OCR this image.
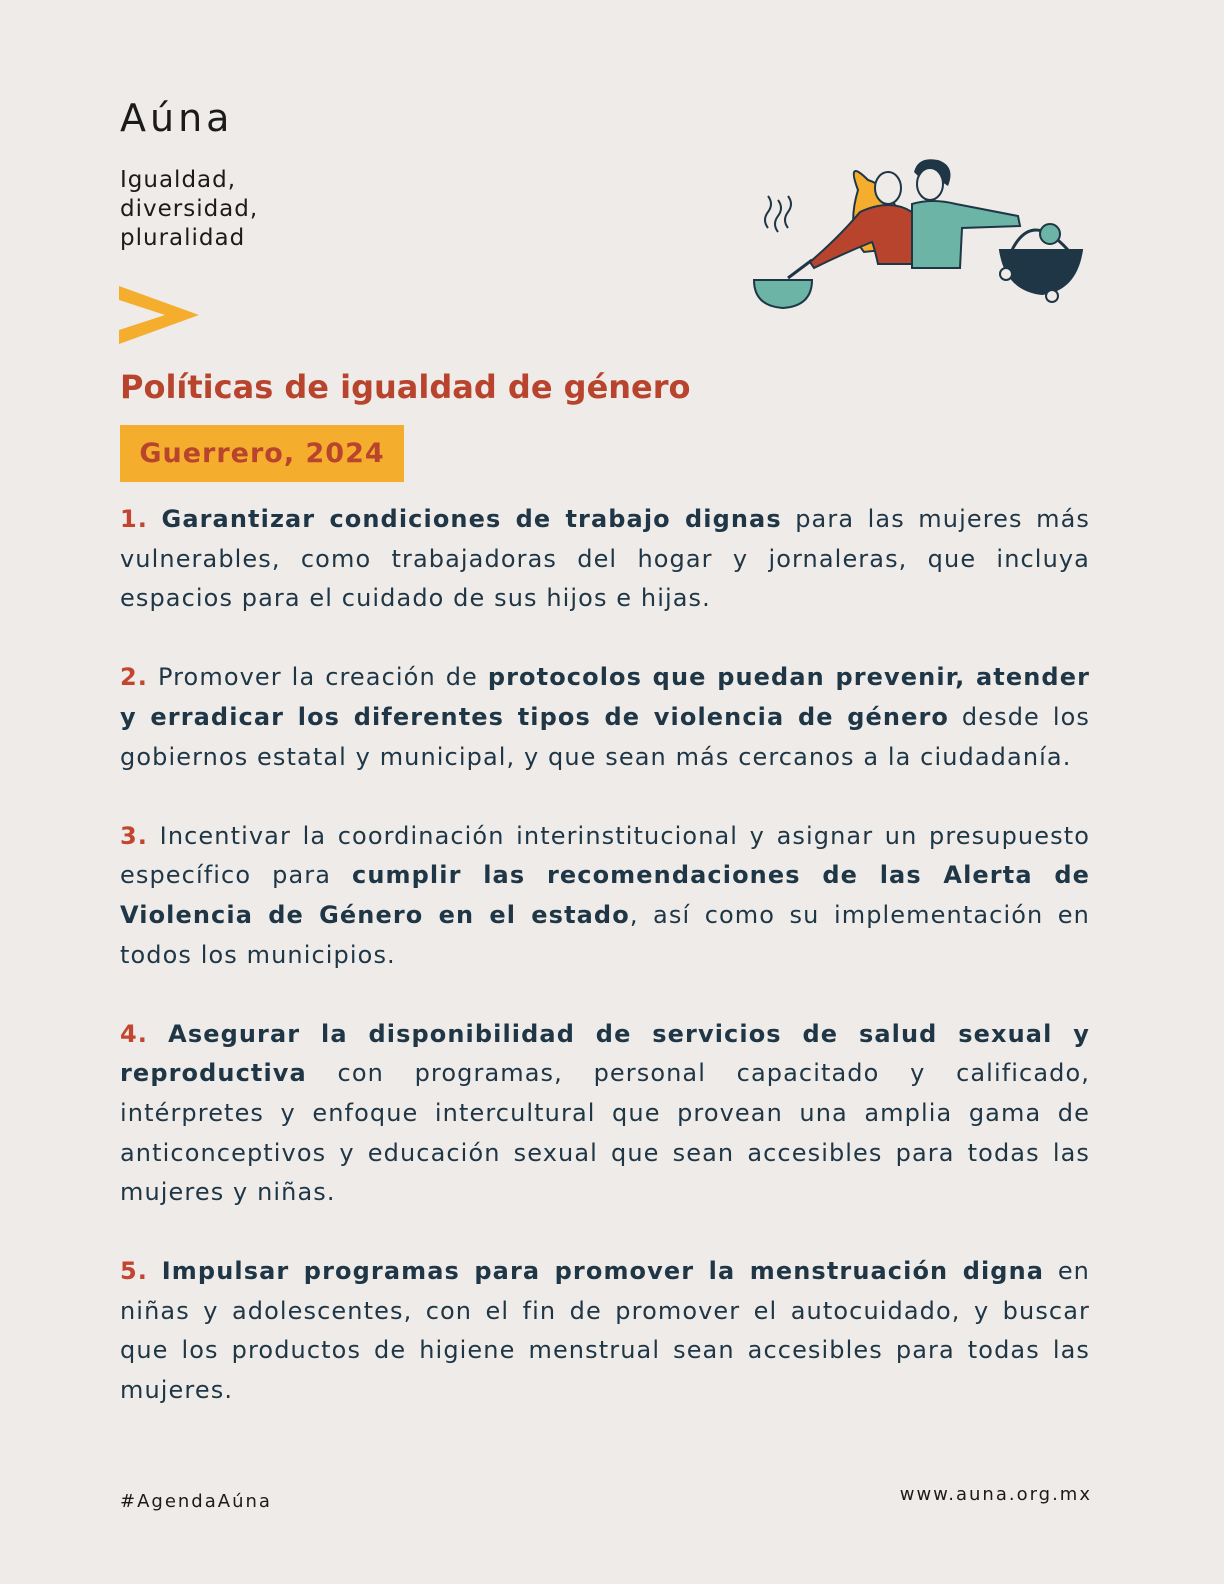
Aúna
Igualdad,
diversidad,
pluralidad
Políticas de igualdad de género
Guerrero, 2024

1. Garantizar condiciones de trabajo dignas para las mujeres más vulnerables, como trabajadoras del hogar y jornaleras, que incluya espacios para el cuidado de sus hijos e hijas.

2. Promover la creación de protocolos que puedan prevenir, atender y erradicar los diferentes tipos de violencia de género desde los gobiernos estatal y municipal, y que sean más cercanos a la ciudadanía.

3. Incentivar la coordinación interinstitucional y asignar un presupuesto específico para cumplir las recomendaciones de las Alerta de Violencia de Género en el estado, así como su implementación en todos los municipios.

4. Asegurar la disponibilidad de servicios de salud sexual y reproductiva con programas, personal capacitado y calificado, intérpretes y enfoque intercultural que provean una amplia gama de anticonceptivos y educación sexual que sean accesibles para todas las mujeres y niñas.

5. Impulsar programas para promover la menstruación digna en niñas y adolescentes, con el fin de promover el autocuidado, y buscar que los productos de higiene menstrual sean accesibles para todas las mujeres.

#AgendaAúna	www.auna.org.mx
